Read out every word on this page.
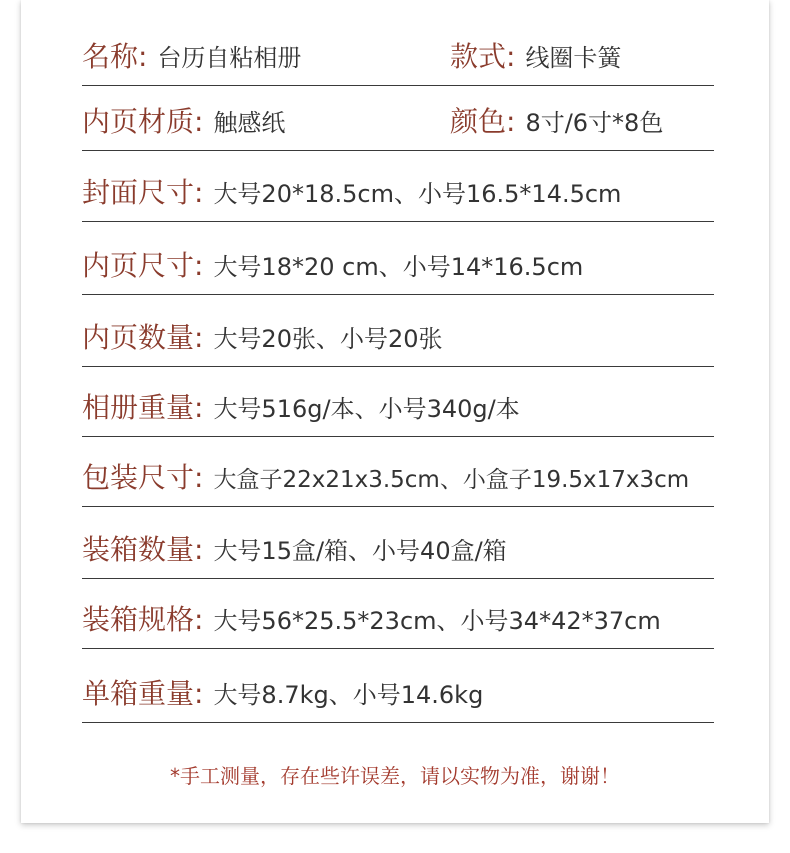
名称: 台历自粘相册	款式: 线圈卡簧
内页材质: 触感纸	颜色: 8寸/6寸*8色
封面尺寸: 大号20*18.5cm、小号16.5*14.5cm
内页尺寸: 大号18*20 cm、小号14*16.5cm
内页数量: 大号20张、小号20张
相册重量: 大号516g/本、小号340g/本
包装尺寸: 大盒子22x21x3.5cm、小盒子19.5x17x3cm
装箱数量: 大号15盒/箱、小号40盒/箱
装箱规格: 大号56*25.5*23cm、小号34*42*37cm
单箱重量: 大号8.7kg、小号14.6kg
*手工测量，存在些许误差，请以实物为准，谢谢！
